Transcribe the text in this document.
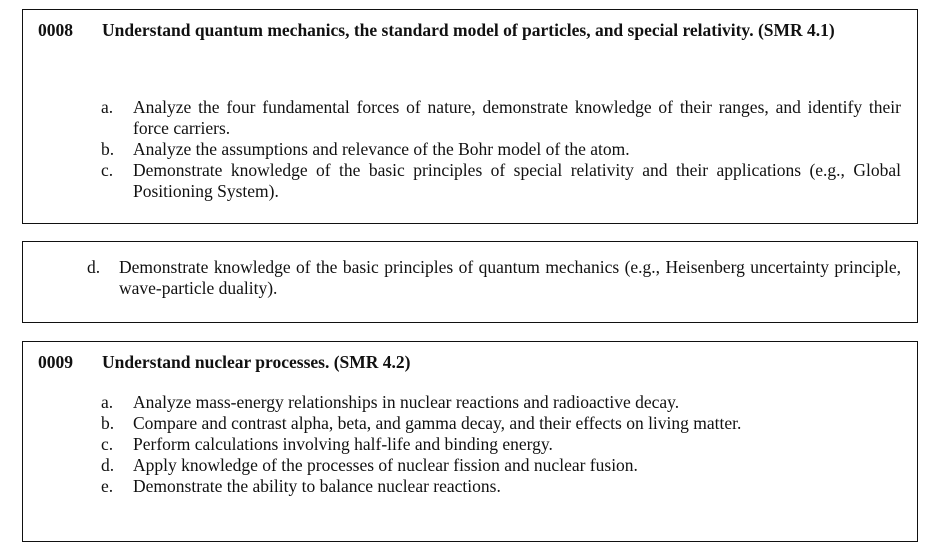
0008 Understand quantum mechanics, the standard model of particles, and special relativity. (SMR 4.1)
a. Analyze the four fundamental forces of nature, demonstrate knowledge of their ranges, and identify their force carriers.
b. Analyze the assumptions and relevance of the Bohr model of the atom.
c. Demonstrate knowledge of the basic principles of special relativity and their applications (e.g., Global Positioning System).
d. Demonstrate knowledge of the basic principles of quantum mechanics (e.g., Heisenberg uncertainty principle, wave-particle duality).
0009 Understand nuclear processes. (SMR 4.2)
a. Analyze mass-energy relationships in nuclear reactions and radioactive decay.
b. Compare and contrast alpha, beta, and gamma decay, and their effects on living matter.
c. Perform calculations involving half-life and binding energy.
d. Apply knowledge of the processes of nuclear fission and nuclear fusion.
e. Demonstrate the ability to balance nuclear reactions.
